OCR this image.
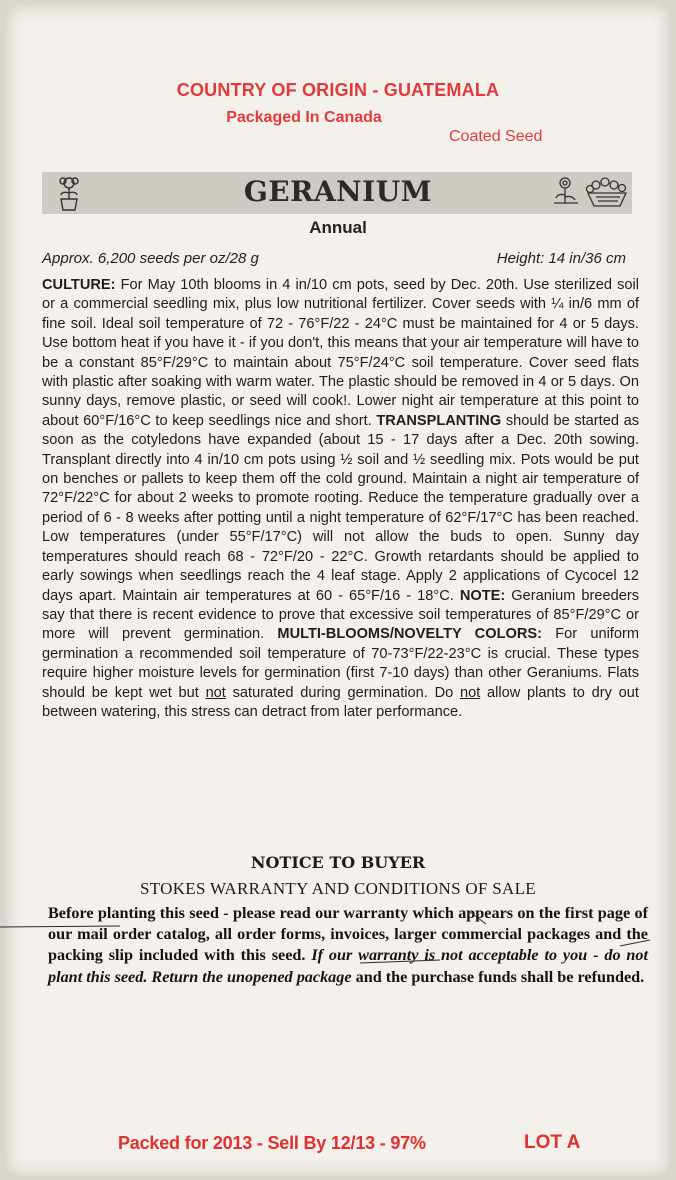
COUNTRY OF ORIGIN - GUATEMALA
Packaged In Canada
Coated Seed
GERANIUM
Annual
Approx. 6,200 seeds per oz/28 g	Height: 14 in/36 cm
CULTURE: For May 10th blooms in 4 in/10 cm pots, seed by Dec. 20th. Use sterilized soil or a commercial seedling mix, plus low nutritional fertilizer. Cover seeds with ¼ in/6 mm of fine soil. Ideal soil temperature of 72 - 76°F/22 - 24°C must be maintained for 4 or 5 days. Use bottom heat if you have it - if you don't, this means that your air temperature will have to be a constant 85°F/29°C to maintain about 75°F/24°C soil temperature. Cover seed flats with plastic after soaking with warm water. The plastic should be removed in 4 or 5 days. On sunny days, remove plastic, or seed will cook!. Lower night air temperature at this point to about 60°F/16°C to keep seedlings nice and short. TRANSPLANTING should be started as soon as the cotyledons have expanded (about 15 - 17 days after a Dec. 20th sowing. Transplant directly into 4 in/10 cm pots using ½ soil and ½ seedling mix. Pots would be put on benches or pallets to keep them off the cold ground. Maintain a night air temperature of 72°F/22°C for about 2 weeks to promote rooting. Reduce the temperature gradually over a period of 6 - 8 weeks after potting until a night temperature of 62°F/17°C has been reached. Low temperatures (under 55°F/17°C) will not allow the buds to open. Sunny day temperatures should reach 68 - 72°F/20 - 22°C. Growth retardants should be applied to early sowings when seedlings reach the 4 leaf stage. Apply 2 applications of Cycocel 12 days apart. Maintain air temperatures at 60 - 65°F/16 - 18°C. NOTE: Geranium breeders say that there is recent evidence to prove that excessive soil temperatures of 85°F/29°C or more will prevent germination. MULTI-BLOOMS/NOVELTY COLORS: For uniform germination a recommended soil temperature of 70-73°F/22-23°C is crucial. These types require higher moisture levels for germination (first 7-10 days) than other Geraniums. Flats should be kept wet but not saturated during germination. Do not allow plants to dry out between watering, this stress can detract from later performance.
NOTICE TO BUYER
STOKES WARRANTY AND CONDITIONS OF SALE
Before planting this seed - please read our warranty which appears on the first page of our mail order catalog, all order forms, invoices, larger commercial packages and the packing slip included with this seed. If our warranty is not acceptable to you - do not plant this seed. Return the unopened package and the purchase funds shall be refunded.
Packed for 2013 - Sell By 12/13 - 97%	LOT A
